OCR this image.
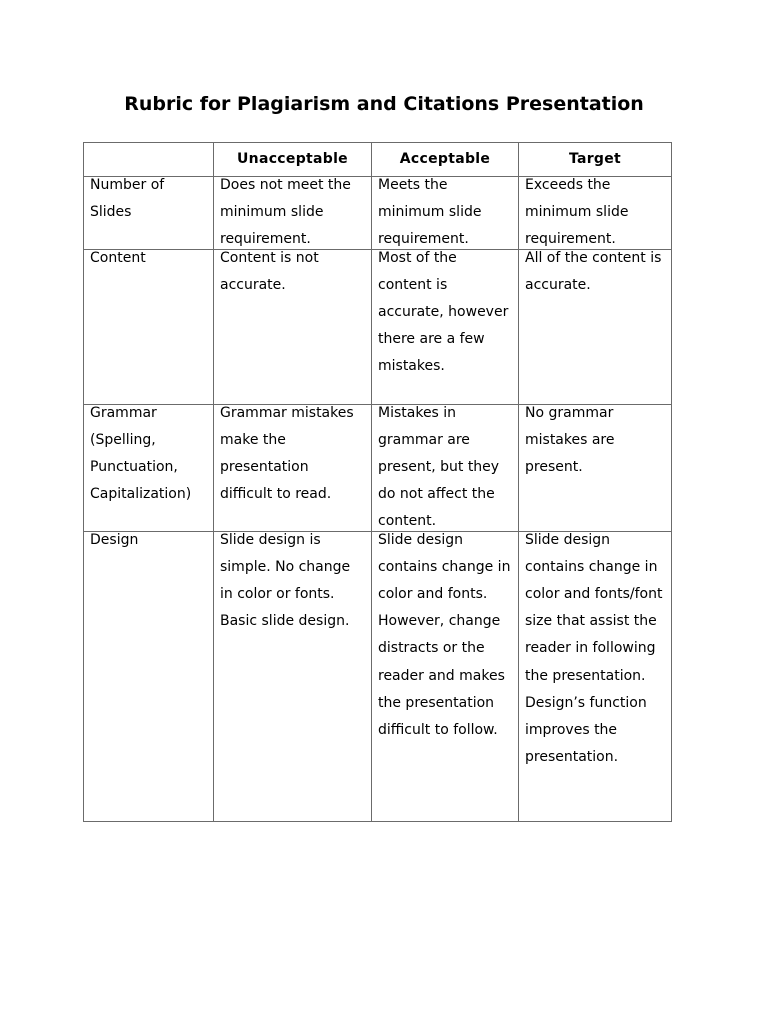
Rubric for Plagiarism and Citations Presentation
	Unacceptable	Acceptable	Target

Number of Slides	Does not meet the minimum slide requirement.	Meets the minimum slide requirement.	Exceeds the minimum slide requirement.

Content	Content is not accurate.	Most of the content is accurate, however there are a few mistakes.	All of the content is accurate.

Grammar (Spelling, Punctuation, Capitalization)	Grammar mistakes make the presentation difficult to read.	Mistakes in grammar are present, but they do not affect the content.	No grammar mistakes are present.

Design	Slide design is simple. No change in color or fonts. Basic slide design.	Slide design contains change in color and fonts. However, change distracts or the reader and makes the presentation difficult to follow.	Slide design contains change in color and fonts/font size that assist the reader in following the presentation. Design’s function improves the presentation.
